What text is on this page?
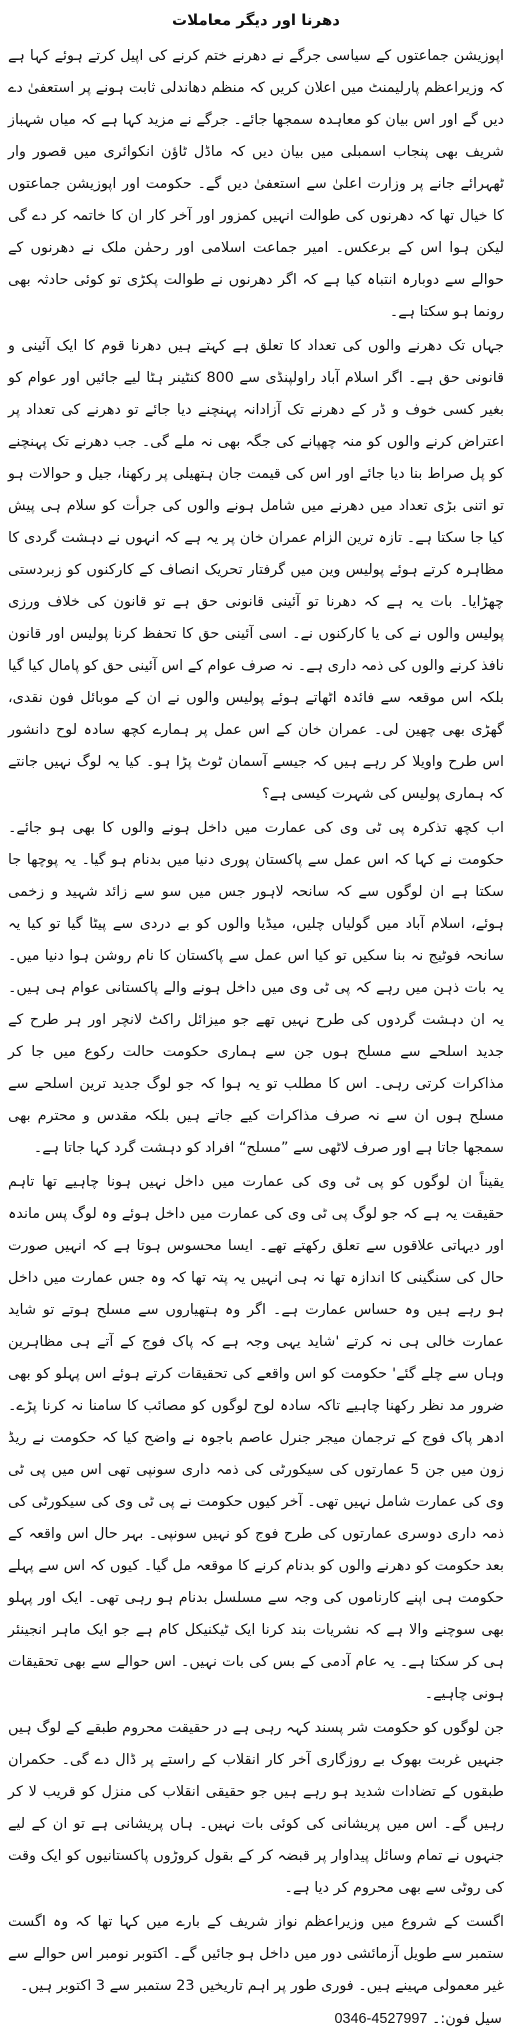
دھرنا اور دیگر معاملات

اپوزیشن جماعتوں کے سیاسی جرگے نے دھرنے ختم کرنے کی اپیل کرتے ہوئے کہا ہے کہ وزیراعظم پارلیمنٹ میں اعلان کریں کہ منظم دھاندلی ثابت ہونے پر استعفیٰ دے دیں گے اور اس بیان کو معاہدہ سمجھا جائے۔ جرگے نے مزید کہا ہے کہ میاں شہباز شریف بھی پنجاب اسمبلی میں بیان دیں کہ ماڈل ٹاؤن انکوائری میں قصور وار ٹھہرائے جانے پر وزارت اعلیٰ سے استعفیٰ دیں گے۔ حکومت اور اپوزیشن جماعتوں کا خیال تھا کہ دھرنوں کی طوالت انہیں کمزور اور آخر کار ان کا خاتمہ کر دے گی لیکن ہوا اس کے برعکس۔ امیر جماعت اسلامی اور رحمٰن ملک نے دھرنوں کے حوالے سے دوبارہ انتباہ کیا ہے کہ اگر دھرنوں نے طوالت پکڑی تو کوئی حادثہ بھی رونما ہو سکتا ہے۔

جہاں تک دھرنے والوں کی تعداد کا تعلق ہے کہتے ہیں دھرنا قوم کا ایک آئینی و قانونی حق ہے۔ اگر اسلام آباد راولپنڈی سے 800 کنٹینر ہٹا لیے جائیں اور عوام کو بغیر کسی خوف و ڈر کے دھرنے تک آزادانہ پہنچنے دیا جائے تو دھرنے کی تعداد پر اعتراض کرنے والوں کو منہ چھپانے کی جگہ بھی نہ ملے گی۔ جب دھرنے تک پہنچنے کو پل صراط بنا دیا جائے اور اس کی قیمت جان ہتھیلی پر رکھنا، جیل و حوالات ہو تو اتنی بڑی تعداد میں دھرنے میں شامل ہونے والوں کی جرأت کو سلام ہی پیش کیا جا سکتا ہے۔ تازہ ترین الزام عمران خان پر یہ ہے کہ انہوں نے دہشت گردی کا مظاہرہ کرتے ہوئے پولیس وین میں گرفتار تحریک انصاف کے کارکنوں کو زبردستی چھڑایا۔ بات یہ ہے کہ دھرنا تو آئینی قانونی حق ہے تو قانون کی خلاف ورزی پولیس والوں نے کی یا کارکنوں نے۔ اسی آئینی حق کا تحفظ کرنا پولیس اور قانون نافذ کرنے والوں کی ذمہ داری ہے۔ نہ صرف عوام کے اس آئینی حق کو پامال کیا گیا بلکہ اس موقعہ سے فائدہ اٹھاتے ہوئے پولیس والوں نے ان کے موبائل فون نقدی، گھڑی بھی چھین لی۔ عمران خان کے اس عمل پر ہمارے کچھ سادہ لوح دانشور اس طرح واویلا کر رہے ہیں کہ جیسے آسمان ٹوٹ پڑا ہو۔ کیا یہ لوگ نہیں جانتے کہ ہماری پولیس کی شہرت کیسی ہے؟

اب کچھ تذکرہ پی ٹی وی کی عمارت میں داخل ہونے والوں کا بھی ہو جائے۔ حکومت نے کہا کہ اس عمل سے پاکستان پوری دنیا میں بدنام ہو گیا۔ یہ پوچھا جا سکتا ہے ان لوگوں سے کہ سانحہ لاہور جس میں سو سے زائد شہید و زخمی ہوئے، اسلام آباد میں گولیاں چلیں، میڈیا والوں کو بے دردی سے پیٹا گیا تو کیا یہ سانحہ فوٹیج نہ بنا سکیں تو کیا اس عمل سے پاکستان کا نام روشن ہوا دنیا میں۔ یہ بات ذہن میں رہے کہ پی ٹی وی میں داخل ہونے والے پاکستانی عوام ہی ہیں۔ یہ ان دہشت گردوں کی طرح نہیں تھے جو میزائل راکٹ لانچر اور ہر طرح کے جدید اسلحے سے مسلح ہوں جن سے ہماری حکومت حالت رکوع میں جا کر مذاکرات کرتی رہی۔ اس کا مطلب تو یہ ہوا کہ جو لوگ جدید ترین اسلحے سے مسلح ہوں ان سے نہ صرف مذاکرات کیے جاتے ہیں بلکہ مقدس و محترم بھی سمجھا جاتا ہے اور صرف لاٹھی سے ”مسلح“ افراد کو دہشت گرد کہا جاتا ہے۔

یقیناً ان لوگوں کو پی ٹی وی کی عمارت میں داخل نہیں ہونا چاہیے تھا تاہم حقیقت یہ ہے کہ جو لوگ پی ٹی وی کی عمارت میں داخل ہوئے وہ لوگ پس ماندہ اور دیہاتی علاقوں سے تعلق رکھتے تھے۔ ایسا محسوس ہوتا ہے کہ انہیں صورت حال کی سنگینی کا اندازہ تھا نہ ہی انہیں یہ پتہ تھا کہ وہ جس عمارت میں داخل ہو رہے ہیں وہ حساس عمارت ہے۔ اگر وہ ہتھیاروں سے مسلح ہوتے تو شاید عمارت خالی ہی نہ کرتے 'شاید یہی وجہ ہے کہ پاک فوج کے آتے ہی مظاہرین وہاں سے چلے گئے' حکومت کو اس واقعے کی تحقیقات کرتے ہوئے اس پہلو کو بھی ضرور مد نظر رکھنا چاہیے تاکہ سادہ لوح لوگوں کو مصائب کا سامنا نہ کرنا پڑے۔ ادھر پاک فوج کے ترجمان میجر جنرل عاصم باجوہ نے واضح کیا کہ حکومت نے ریڈ زون میں جن 5 عمارتوں کی سیکورٹی کی ذمہ داری سونپی تھی اس میں پی ٹی وی کی عمارت شامل نہیں تھی۔ آخر کیوں حکومت نے پی ٹی وی کی سیکورٹی کی ذمہ داری دوسری عمارتوں کی طرح فوج کو نہیں سونپی۔ بہر حال اس واقعہ کے بعد حکومت کو دھرنے والوں کو بدنام کرنے کا موقعہ مل گیا۔ کیوں کہ اس سے پہلے حکومت ہی اپنے کارناموں کی وجہ سے مسلسل بدنام ہو رہی تھی۔ ایک اور پہلو بھی سوچنے والا ہے کہ نشریات بند کرنا ایک ٹیکنیکل کام ہے جو ایک ماہر انجینئر ہی کر سکتا ہے۔ یہ عام آدمی کے بس کی بات نہیں۔ اس حوالے سے بھی تحقیقات ہونی چاہیے۔

جن لوگوں کو حکومت شر پسند کہہ رہی ہے در حقیقت محروم طبقے کے لوگ ہیں جنہیں غربت بھوک بے روزگاری آخر کار انقلاب کے راستے پر ڈال دے گی۔ حکمران طبقوں کے تضادات شدید ہو رہے ہیں جو حقیقی انقلاب کی منزل کو قریب لا کر رہیں گے۔ اس میں پریشانی کی کوئی بات نہیں۔ ہاں پریشانی ہے تو ان کے لیے جنہوں نے تمام وسائل پیداوار پر قبضہ کر کے بقول کروڑوں پاکستانیوں کو ایک وقت کی روٹی سے بھی محروم کر دیا ہے۔

اگست کے شروع میں وزیراعظم نواز شریف کے بارے میں کہا تھا کہ وہ اگست ستمبر سے طویل آزمائشی دور میں داخل ہو جائیں گے۔ اکتوبر نومبر اس حوالے سے غیر معمولی مہینے ہیں۔ فوری طور پر اہم تاریخیں 23 ستمبر سے 3 اکتوبر ہیں۔

سیل فون:۔ 0346-4527997
